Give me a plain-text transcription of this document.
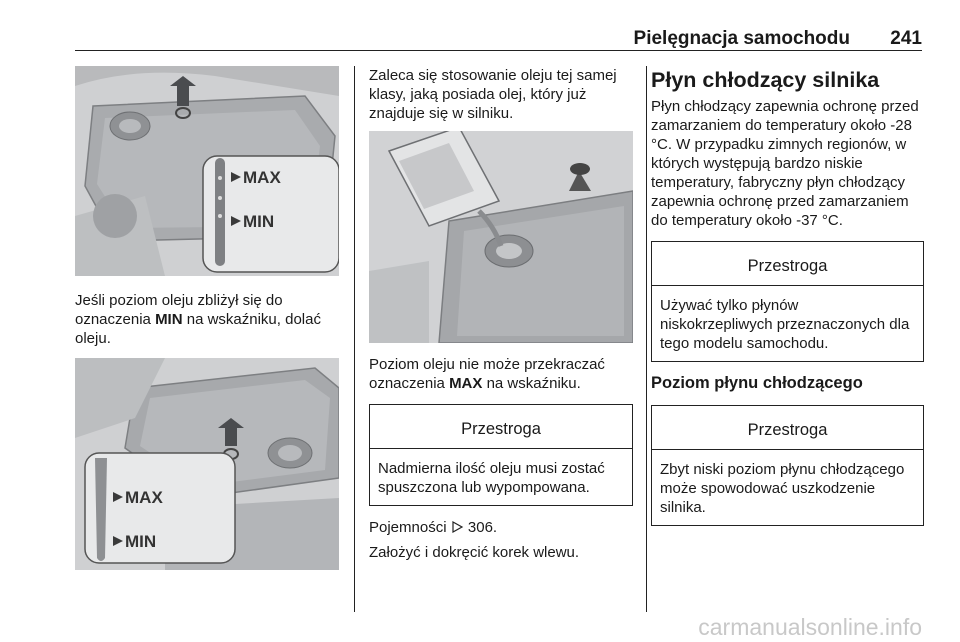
Pielęgnacja samochodu 241
MAX
MIN

Jeśli poziom oleju zbliżył się do oznaczenia MIN na wskaźniku, dolać oleju.

MAX
MIN

Zaleca się stosowanie oleju tej samej klasy, jaką posiada olej, który już znajduje się w silniku.

Poziom oleju nie może przekraczać oznaczenia MAX na wskaźniku.

Przestroga
Nadmierna ilość oleju musi zostać spuszczona lub wypompowana.

Pojemności 306.

Założyć i dokręcić korek wlewu.

Płyn chłodzący silnika

Płyn chłodzący zapewnia ochronę przed zamarzaniem do temperatury około -28 °C. W przypadku zimnych regionów, w których występują bardzo niskie temperatury, fabryczny płyn chłodzący zapewnia ochronę przed zamarzaniem do temperatury około -37 °C.

Przestroga
Używać tylko płynów niskokrzepliwych przeznaczonych dla tego modelu samochodu.
Poziom płynu chłodzącego
Przestroga
Zbyt niski poziom płynu chłodzącego może spowodować uszkodzenie silnika.
carmanualsonline.info
